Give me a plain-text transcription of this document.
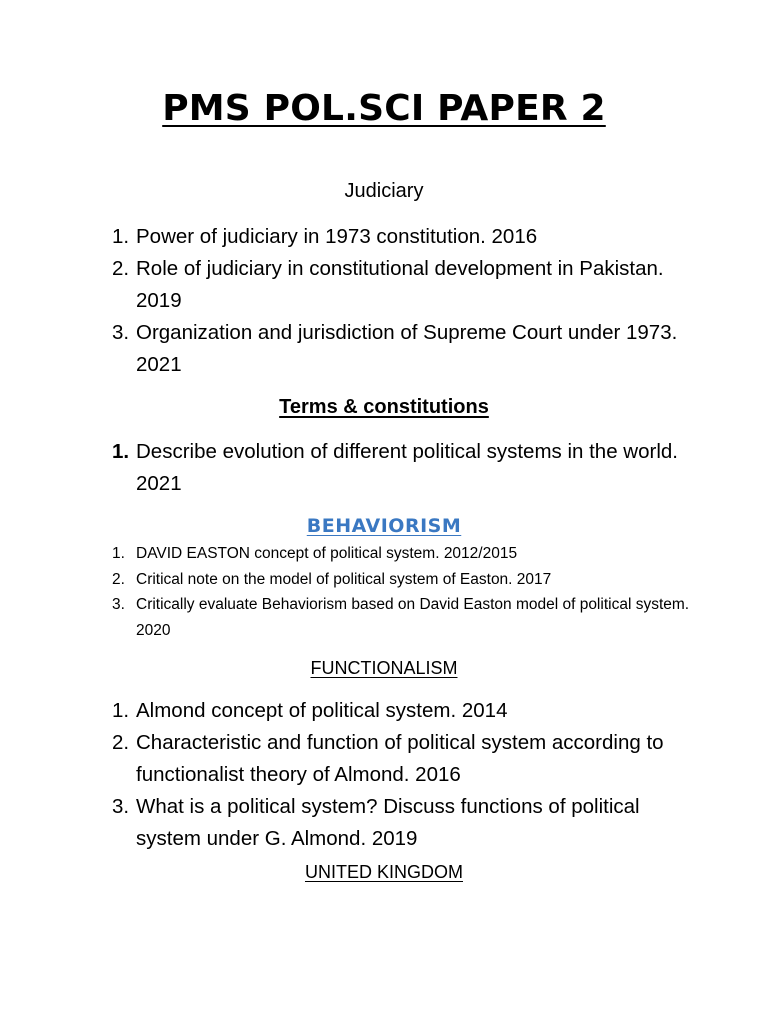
PMS POL.SCI PAPER 2
Judiciary
1. Power of judiciary in 1973 constitution. 2016
2. Role of judiciary in constitutional development in Pakistan. 2019
3. Organization and jurisdiction of Supreme Court under 1973. 2021
Terms & constitutions
1. Describe evolution of different political systems in the world. 2021
BEHAVIORISM
1. DAVID EASTON concept of political system. 2012/2015
2. Critical note on the model of political system of Easton. 2017
3. Critically evaluate Behaviorism based on David Easton model of political system. 2020
FUNCTIONALISM
1. Almond concept of political system. 2014
2. Characteristic and function of political system according to functionalist theory of Almond. 2016
3. What is a political system? Discuss functions of political system under G. Almond. 2019
UNITED KINGDOM
